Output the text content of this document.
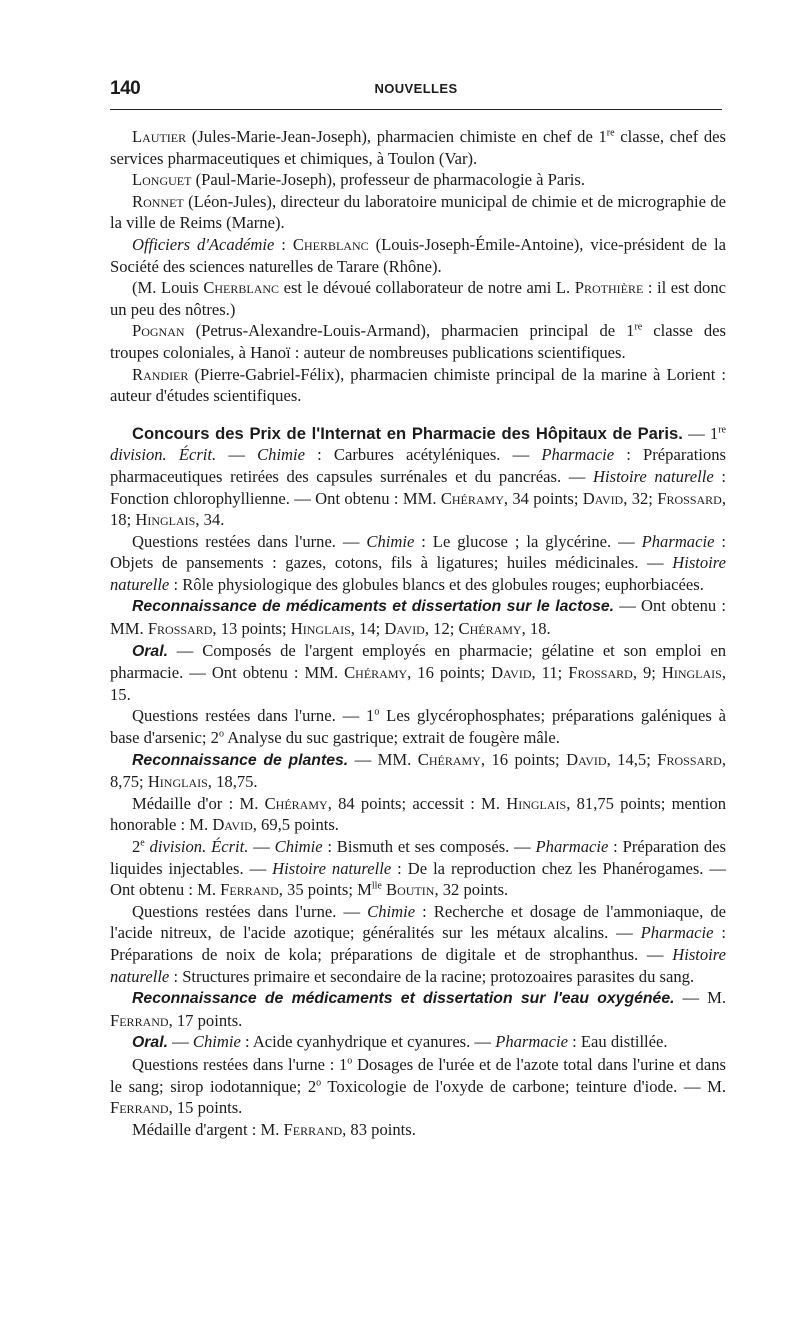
140	NOUVELLES

Lautier (Jules-Marie-Jean-Joseph), pharmacien chimiste en chef de 1re classe, chef des services pharmaceutiques et chimiques, à Toulon (Var).

Longuet (Paul-Marie-Joseph), professeur de pharmacologie à Paris.

Ronnet (Léon-Jules), directeur du laboratoire municipal de chimie et de micrographie de la ville de Reims (Marne).

Officiers d'Académie : Cherblanc (Louis-Joseph-Émile-Antoine), vice-président de la Société des sciences naturelles de Tarare (Rhône).

(M. Louis Cherblanc est le dévoué collaborateur de notre ami L. Prothière : il est donc un peu des nôtres.)

Pognan (Petrus-Alexandre-Louis-Armand), pharmacien principal de 1re classe des troupes coloniales, à Hanoï : auteur de nombreuses publications scientifiques.

Randier (Pierre-Gabriel-Félix), pharmacien chimiste principal de la marine à Lorient : auteur d'études scientifiques.

Concours des Prix de l'Internat en Pharmacie des Hôpitaux de Paris. — 1re division. Écrit. — Chimie : Carbures acétyléniques. — Pharmacie : Préparations pharmaceutiques retirées des capsules surrénales et du pancréas. — Histoire naturelle : Fonction chlorophyllienne. — Ont obtenu : MM. Chéramy, 34 points; David, 32; Frossard, 18; Hinglais, 34.

Questions restées dans l'urne. — Chimie : Le glucose ; la glycérine. — Pharmacie : Objets de pansements : gazes, cotons, fils à ligatures; huiles médicinales. — Histoire naturelle : Rôle physiologique des globules blancs et des globules rouges; euphorbiacées.

Reconnaissance de médicaments et dissertation sur le lactose. — Ont obtenu : MM. Frossard, 13 points; Hinglais, 14; David, 12; Chéramy, 18.

Oral. — Composés de l'argent employés en pharmacie; gélatine et son emploi en pharmacie. — Ont obtenu : MM. Chéramy, 16 points; David, 11; Frossard, 9; Hinglais, 15.

Questions restées dans l'urne. — 1$^o$ Les glycérophosphates; préparations galéniques à base d'arsenic; 2$^o$ Analyse du suc gastrique; extrait de fougère mâle.

Reconnaissance de plantes. — MM. Chéramy, 16 points; David, 14,5; Frossard, 8,75; Hinglais, 18,75.

Médaille d'or : M. Chéramy, 84 points; accessit : M. Hinglais, 81,75 points; mention honorable : M. David, 69,5 points.

2e division. Écrit. — Chimie : Bismuth et ses composés. — Pharmacie : Préparation des liquides injectables. — Histoire naturelle : De la reproduction chez les Phanérogames. — Ont obtenu : M. Ferrand, 35 points; $M^{lle}$ Boutin, 32 points.

Questions restées dans l'urne. — Chimie : Recherche et dosage de l'ammoniaque, de l'acide nitreux, de l'acide azotique; généralités sur les métaux alcalins. — Pharmacie : Préparations de noix de kola; préparations de digitale et de strophanthus. — Histoire naturelle : Structures primaire et secondaire de la racine; protozoaires parasites du sang.

Reconnaissance de médicaments et dissertation sur l'eau oxygénée. — M. Ferrand, 17 points.

Oral. — Chimie : Acide cyanhydrique et cyanures. — Pharmacie : Eau distillée.

Questions restées dans l'urne : 1$^o$ Dosages de l'urée et de l'azote total dans l'urine et dans le sang; sirop iodotannique; 2$^o$ Toxicologie de l'oxyde de carbone; teinture d'iode. — M. Ferrand, 15 points.

Médaille d'argent : M. Ferrand, 83 points.
